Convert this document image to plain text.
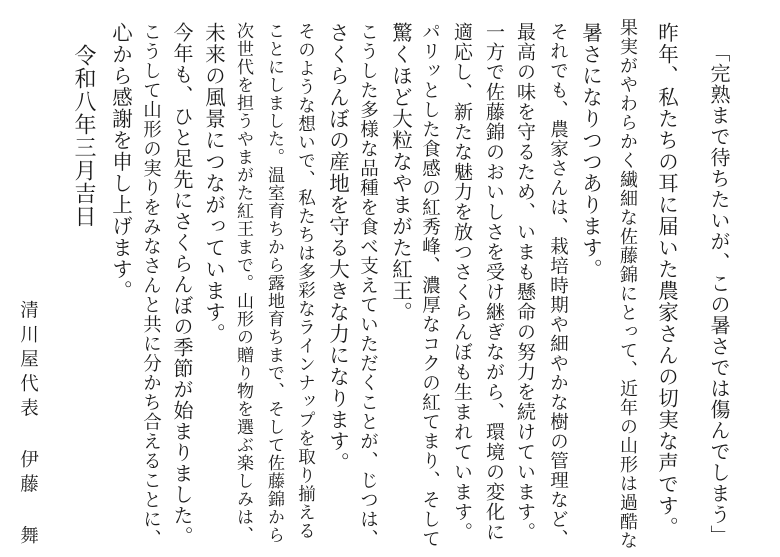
「完熟まで待ちたいが、この暑さでは傷んでしまう」
昨年、私たちの耳に届いた農家さんの切実な声です。
果実がやわらかく繊細な佐藤錦にとって、近年の山形は過酷な
暑さになりつつあります。
それでも、農家さんは、栽培時期や細やかな樹の管理など、
最高の味を守るため、いまも懸命の努力を続けています。
一方で佐藤錦のおいしさを受け継ぎながら、環境の変化に
適応し、新たな魅力を放つさくらんぼも生まれています。
パリッとした食感の紅秀峰、濃厚なコクの紅てまり、そして
驚くほど大粒なやまがた紅王。
こうした多様な品種を食べ支えていただくことが、じつは、
さくらんぼの産地を守る大きな力になります。
そのような想いで、私たちは多彩なラインナップを取り揃える
ことにしました。温室育ちから露地育ちまで、そして佐藤錦から
次世代を担うやまがた紅王まで。山形の贈り物を選ぶ楽しみは、
未来の風景につながっています。
今年も、ひと足先にさくらんぼの季節が始まりました。
こうして山形の実りをみなさんと共に分かち合えることに、
心から感謝を申し上げます。
令和八年三月吉日
清川屋代表 伊藤 舞
